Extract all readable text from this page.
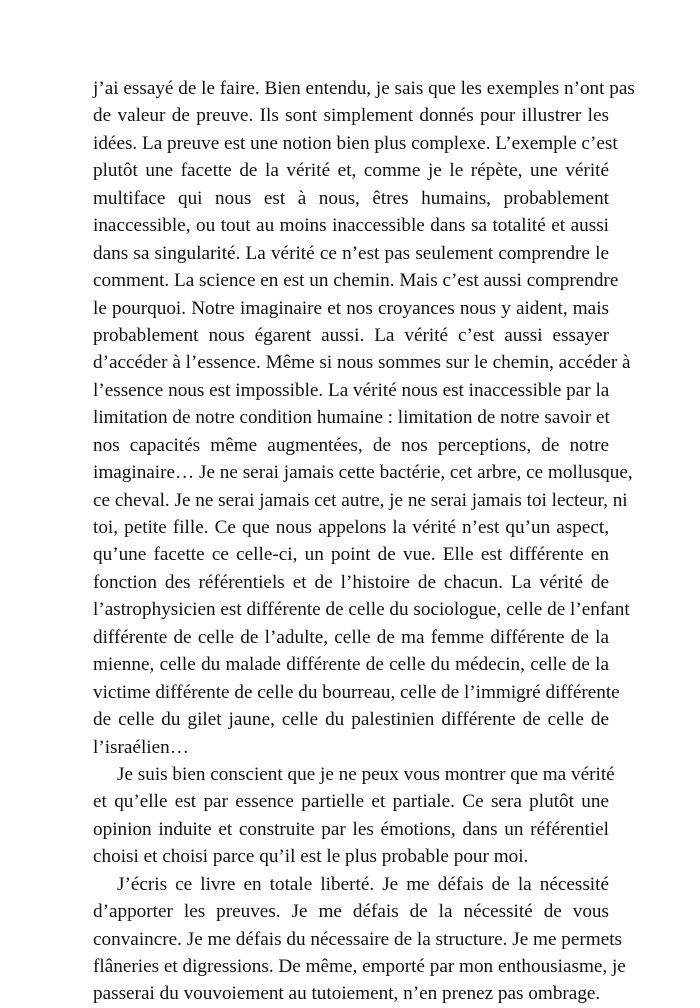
j’ai essayé de le faire. Bien entendu, je sais que les exemples n’ont pas
de valeur de preuve. Ils sont simplement donnés pour illustrer les
idées. La preuve est une notion bien plus complexe. L’exemple c’est
plutôt une facette de la vérité et, comme je le répète, une vérité
multiface qui nous est à nous, êtres humains, probablement
inaccessible, ou tout au moins inaccessible dans sa totalité et aussi
dans sa singularité. La vérité ce n’est pas seulement comprendre le
comment. La science en est un chemin. Mais c’est aussi comprendre
le pourquoi. Notre imaginaire et nos croyances nous y aident, mais
probablement nous égarent aussi. La vérité c’est aussi essayer
d’accéder à l’essence. Même si nous sommes sur le chemin, accéder à
l’essence nous est impossible. La vérité nous est inaccessible par la
limitation de notre condition humaine : limitation de notre savoir et
nos capacités même augmentées, de nos perceptions, de notre
imaginaire… Je ne serai jamais cette bactérie, cet arbre, ce mollusque,
ce cheval. Je ne serai jamais cet autre, je ne serai jamais toi lecteur, ni
toi, petite fille. Ce que nous appelons la vérité n’est qu’un aspect,
qu’une facette ce celle-ci, un point de vue. Elle est différente en
fonction des référentiels et de l’histoire de chacun. La vérité de
l’astrophysicien est différente de celle du sociologue, celle de l’enfant
différente de celle de l’adulte, celle de ma femme différente de la
mienne, celle du malade différente de celle du médecin, celle de la
victime différente de celle du bourreau, celle de l’immigré différente
de celle du gilet jaune, celle du palestinien différente de celle de
l’israélien…
Je suis bien conscient que je ne peux vous montrer que ma vérité
et qu’elle est par essence partielle et partiale. Ce sera plutôt une
opinion induite et construite par les émotions, dans un référentiel
choisi et choisi parce qu’il est le plus probable pour moi.
J’écris ce livre en totale liberté. Je me défais de la nécessité
d’apporter les preuves. Je me défais de la nécessité de vous
convaincre. Je me défais du nécessaire de la structure. Je me permets
flâneries et digressions. De même, emporté par mon enthousiasme, je
passerai du vouvoiement au tutoiement, n’en prenez pas ombrage.
